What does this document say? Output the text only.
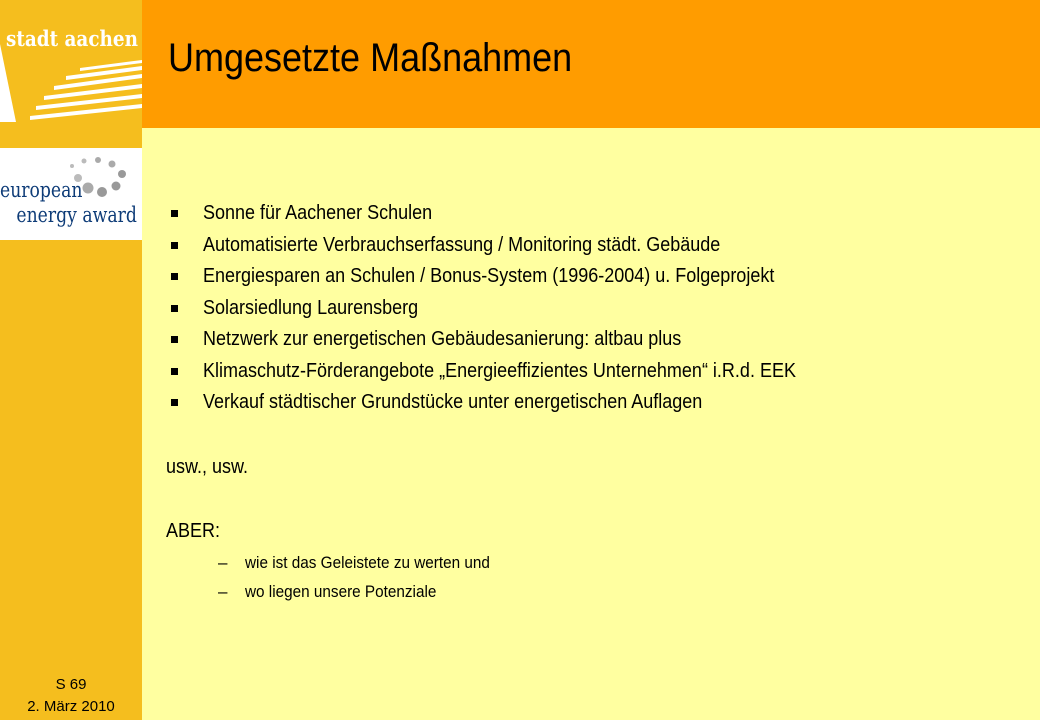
stadt aachen
european
energy award
Umgesetzte Maßnahmen
Sonne für Aachener Schulen
Automatisierte Verbrauchserfassung / Monitoring städt. Gebäude
Energiesparen an Schulen / Bonus-System (1996-2004) u. Folgeprojekt
Solarsiedlung Laurensberg
Netzwerk zur energetischen Gebäudesanierung: altbau plus
Klimaschutz-Förderangebote „Energieeffizientes Unternehmen“ i.R.d. EEK
Verkauf städtischer Grundstücke unter energetischen Auflagen
usw., usw.
ABER:
– wie ist das Geleistete zu werten und
– wo liegen unsere Potenziale
S 69
2. März 2010
